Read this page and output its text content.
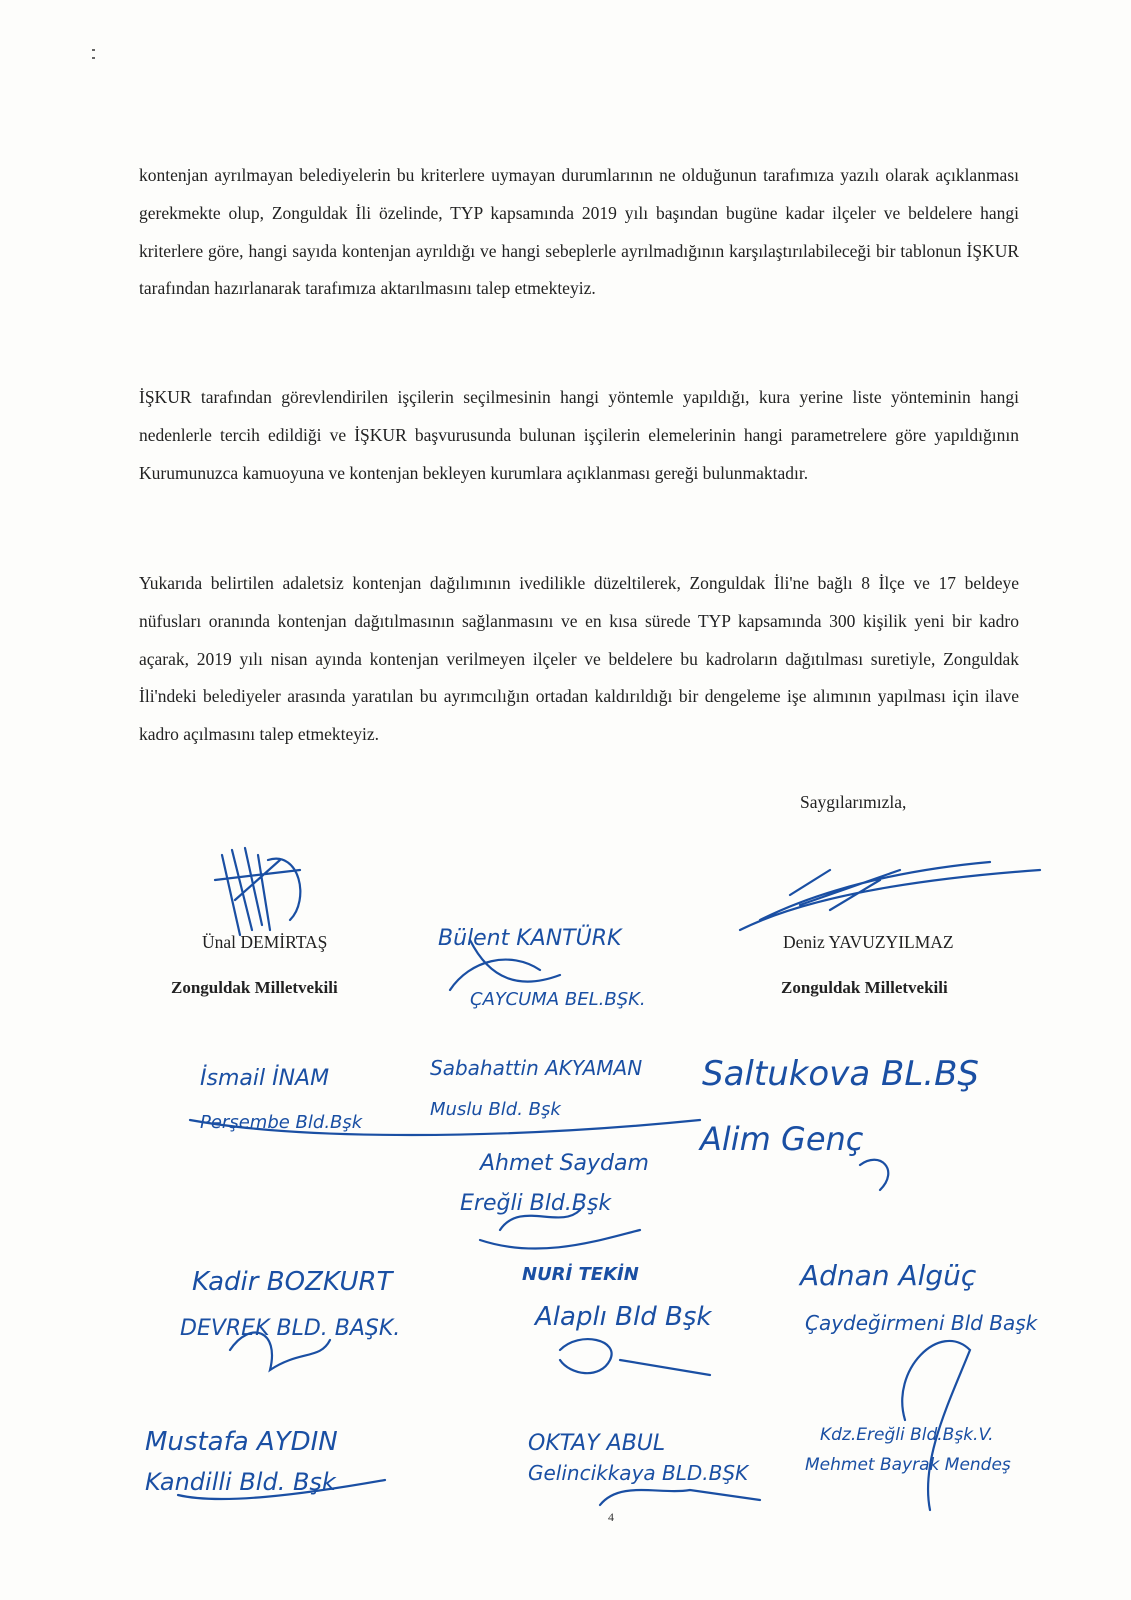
kontenjan ayrılmayan belediyelerin bu kriterlere uymayan durumlarının ne olduğunun tarafımıza yazılı olarak açıklanması gerekmekte olup, Zonguldak İli özelinde, TYP kapsamında 2019 yılı başından bugüne kadar ilçeler ve beldelere hangi kriterlere göre, hangi sayıda kontenjan ayrıldığı ve hangi sebeplerle ayrılmadığının karşılaştırılabileceği bir tablonun İŞKUR tarafından hazırlanarak tarafımıza aktarılmasını talep etmekteyiz.

İŞKUR tarafından görevlendirilen işçilerin seçilmesinin hangi yöntemle yapıldığı, kura yerine liste yönteminin hangi nedenlerle tercih edildiği ve İŞKUR başvurusunda bulunan işçilerin elemelerinin hangi parametrelere göre yapıldığının Kurumunuzca kamuoyuna ve kontenjan bekleyen kurumlara açıklanması gereği bulunmaktadır.

Yukarıda belirtilen adaletsiz kontenjan dağılımının ivedilikle düzeltilerek, Zonguldak İli'ne bağlı 8 İlçe ve 17 beldeye nüfusları oranında kontenjan dağıtılmasının sağlanmasını ve en kısa sürede TYP kapsamında 300 kişilik yeni bir kadro açarak, 2019 yılı nisan ayında kontenjan verilmeyen ilçeler ve beldelere bu kadroların dağıtılması suretiyle, Zonguldak İli'ndeki belediyeler arasında yaratılan bu ayrımcılığın ortadan kaldırıldığı bir dengeleme işe alımının yapılması için ilave kadro açılmasını talep etmekteyiz.

Saygılarımızla,
Ünal DEMİRTAŞ
Zonguldak Milletvekili
Deniz YAVUZYILMAZ
Zonguldak Milletvekili
4
Bülent KANTÜRK
ÇAYCUMA BEL.BŞK.
İsmail İNAM
Perşembe Bld.Bşk
Sabahattin AKYAMAN
Muslu Bld. Bşk
Saltukova BL.BŞ
Alim Genç
Ahmet Saydam
Ereğli Bld.Bşk
Kadir BOZKURT
DEVREK BLD. BAŞK.
NURİ TEKİN
Alaplı Bld Bşk
Adnan Algüç
Çaydeğirmeni Bld Başk
Mustafa AYDIN
Kandilli Bld. Bşk
OKTAY ABUL
Gelincikkaya BLD.BŞK
Kdz.Ereğli Bld.Bşk.V.
Mehmet Bayrak Mendeş
